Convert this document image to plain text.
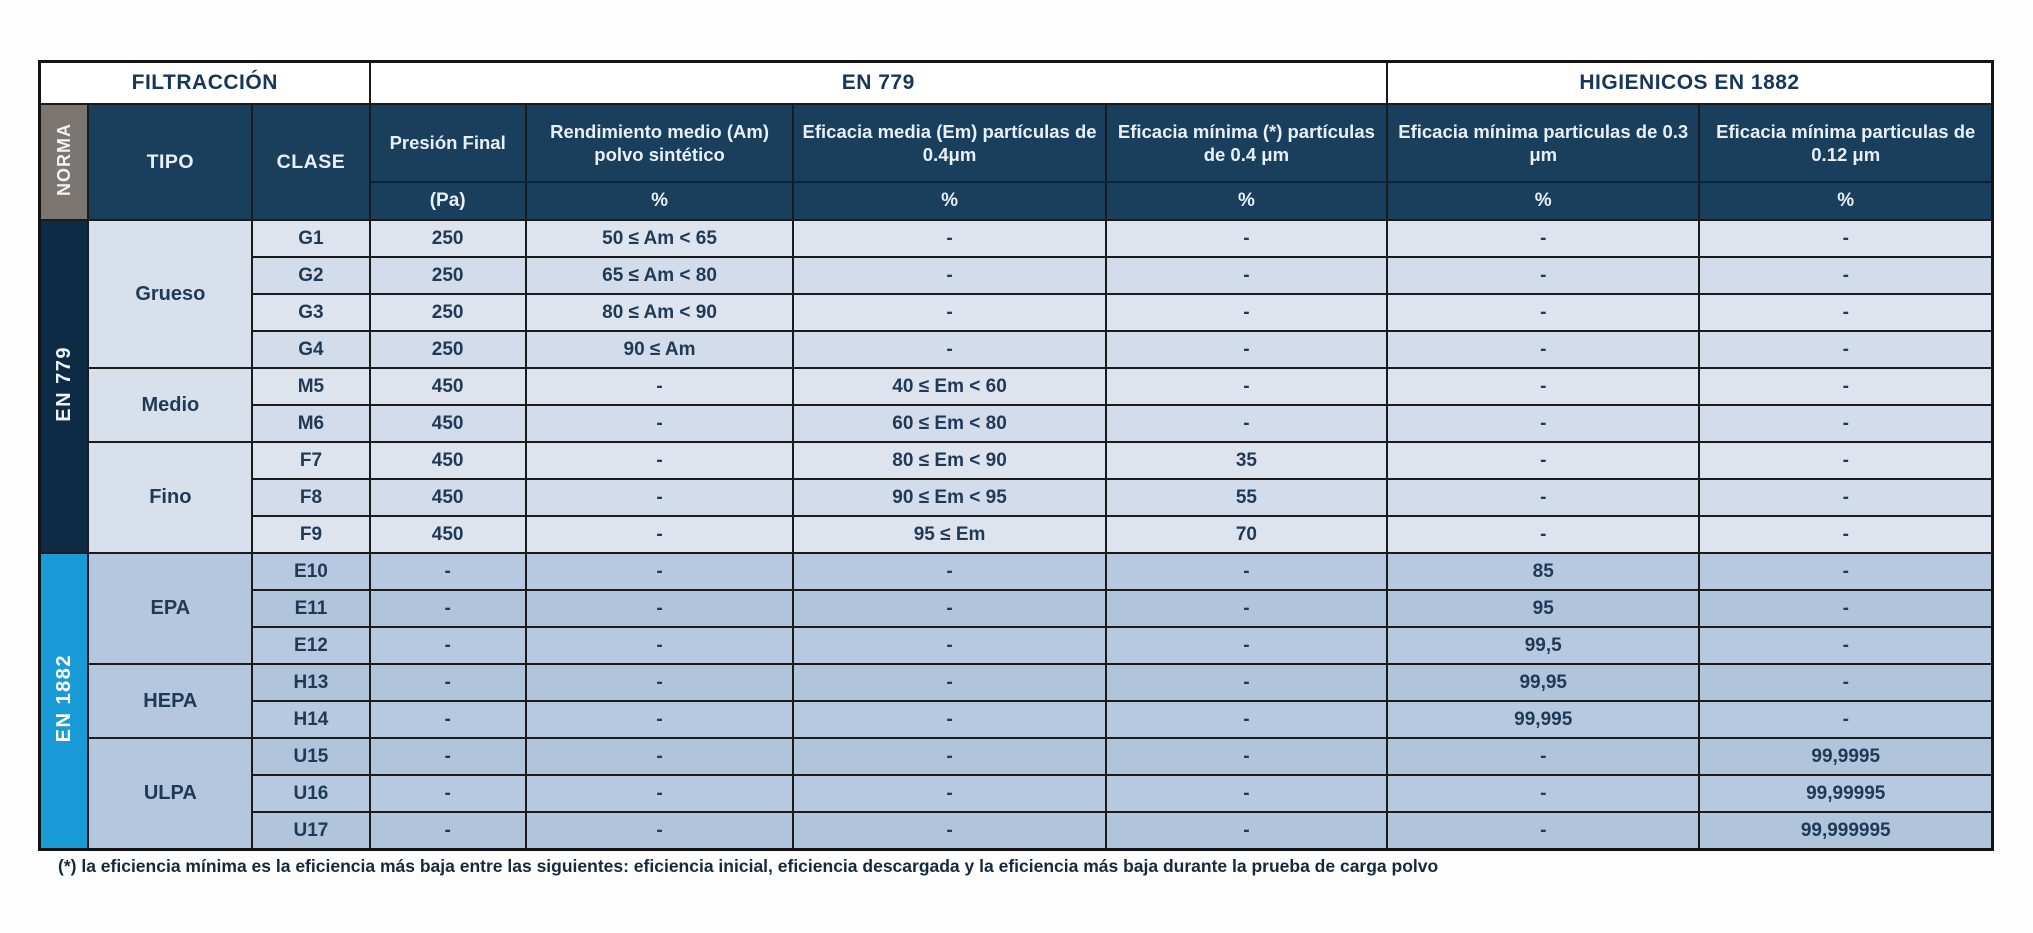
FILTRACCIÓN			EN 779				HIGIENICOS EN 1882	
NORMA	TIPO	CLASE	Presión Final	Rendimiento medio (Am) polvo sintético	Eficacia media (Em) partículas de 0.4μm	Eficacia mínima (*) partículas de 0.4 μm	Eficacia mínima particulas de 0.3 μm	Eficacia mínima particulas de 0.12 μm
			(Pa)	%	%	%	%	%
EN 779	Grueso	G1	250	50 ≤ Am < 65	-	-	-	-
		G2	250	65 ≤ Am < 80	-	-	-	-
		G3	250	80 ≤ Am < 90	-	-	-	-
		G4	250	90 ≤ Am	-	-	-	-
	Medio	M5	450	-	40 ≤ Em < 60	-	-	-
		M6	450	-	60 ≤ Em < 80	-	-	-
	Fino	F7	450	-	80 ≤ Em < 90	35	-	-
		F8	450	-	90 ≤ Em < 95	55	-	-
		F9	450	-	95 ≤ Em	70	-	-
EN 1882	EPA	E10	-	-	-	-	85	-
		E11	-	-	-	-	95	-
		E12	-	-	-	-	99,5	-
	HEPA	H13	-	-	-	-	99,95	-
		H14	-	-	-	-	99,995	-
	ULPA	U15	-	-	-	-	-	99,9995
		U16	-	-	-	-	-	99,99995
		U17	-	-	-	-	-	99,999995
(*) la eficiencia mínima es la eficiencia más baja entre las siguientes: eficiencia inicial, eficiencia descargada y la eficiencia más baja durante la prueba de carga polvo
